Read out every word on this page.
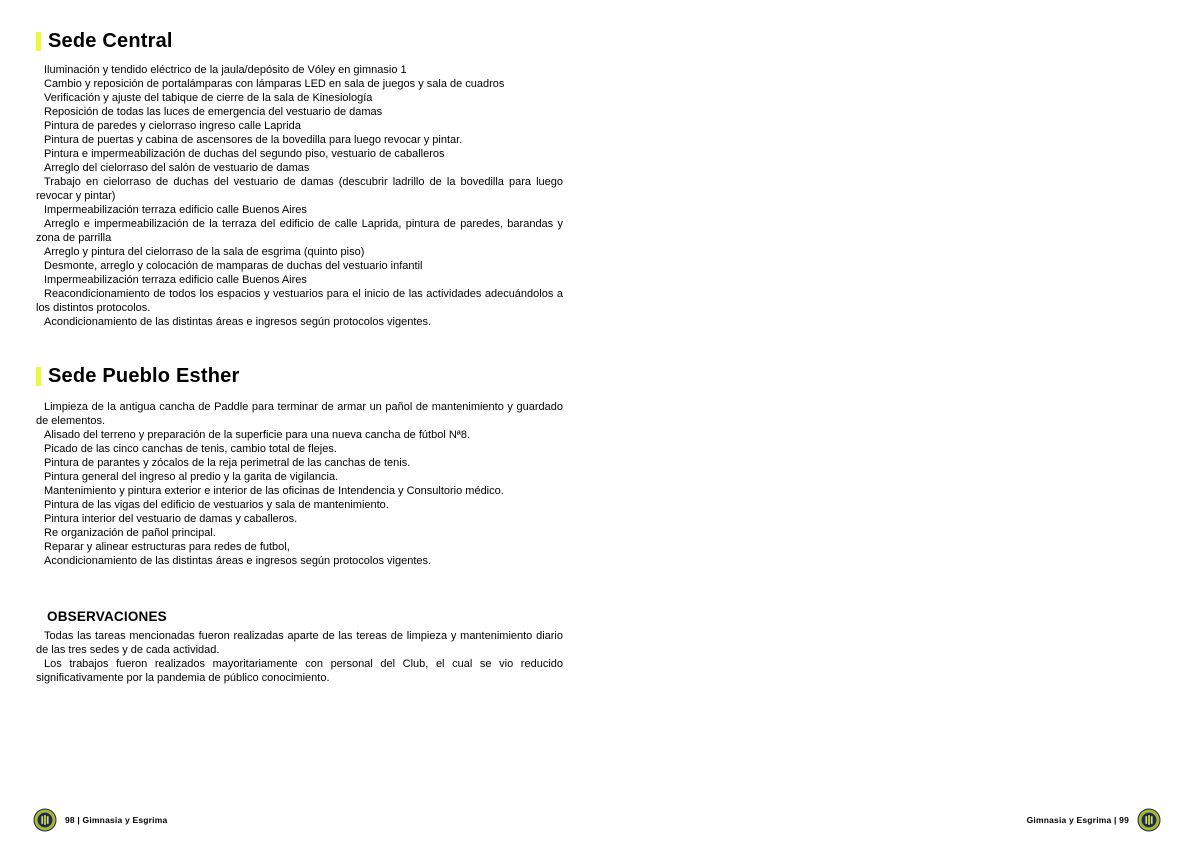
Sede Central

Iluminación y tendido eléctrico de la jaula/depósito de Vóley en gimnasio 1

Cambio y reposición de portalámparas con lámparas LED en sala de juegos y sala de cuadros

Verificación y ajuste del tabique de cierre de la sala de Kinesiología

Reposición de todas las luces de emergencia del vestuario de damas

Pintura de paredes y cielorraso ingreso calle Laprida

Pintura de puertas y cabina de ascensores de la bovedilla para luego revocar y pintar.

Pintura e impermeabilización de duchas del segundo piso, vestuario de caballeros

Arreglo del cielorraso del salón de vestuario de damas

Trabajo en cielorraso de duchas del vestuario de damas (descubrir ladrillo de la bovedilla para luego revocar y pintar)

Impermeabilización terraza edificio calle Buenos Aires

Arreglo e impermeabilización de la terraza del edificio de calle Laprida, pintura de paredes, barandas y zona de parrilla

Arreglo y pintura del cielorraso de la sala de esgrima (quinto piso)

Desmonte, arreglo y colocación de mamparas de duchas del vestuario infantil

Impermeabilización terraza edificio calle Buenos Aires

Reacondicionamiento de todos los espacios y vestuarios para el inicio de las actividades adecuándolos a los distintos protocolos.

Acondicionamiento de las distintas áreas e ingresos según protocolos vigentes.

Sede Pueblo Esther

Limpieza de la antigua cancha de Paddle para terminar de armar un pañol de mantenimiento y guardado de elementos.

Alisado del terreno y preparación de la superficie para una nueva cancha de fútbol Nª8.

Picado de las cinco canchas de tenis, cambio total de flejes.

Pintura de parantes y zócalos de la reja perimetral de las canchas de tenis.

Pintura general del ingreso al predio y la garita de vigilancia.

Mantenimiento y pintura exterior e interior de las oficinas de Intendencia y Consultorio médico.

Pintura de las vigas del edificio de vestuarios y sala de mantenimiento.

Pintura interior del vestuario de damas y caballeros.

Re organización de pañol principal.

Reparar y alinear estructuras para redes de futbol,

Acondicionamiento de las distintas áreas e ingresos según protocolos vigentes.

OBSERVACIONES

Todas las tareas mencionadas fueron realizadas aparte de las tereas de limpieza y mantenimiento diario de las tres sedes y de cada actividad.

Los trabajos fueron realizados mayoritariamente con personal del Club, el cual se vio reducido significativamente por la pandemia de público conocimiento.

98 | Gimnasia y Esgrima	Gimnasia y Esgrima | 99
